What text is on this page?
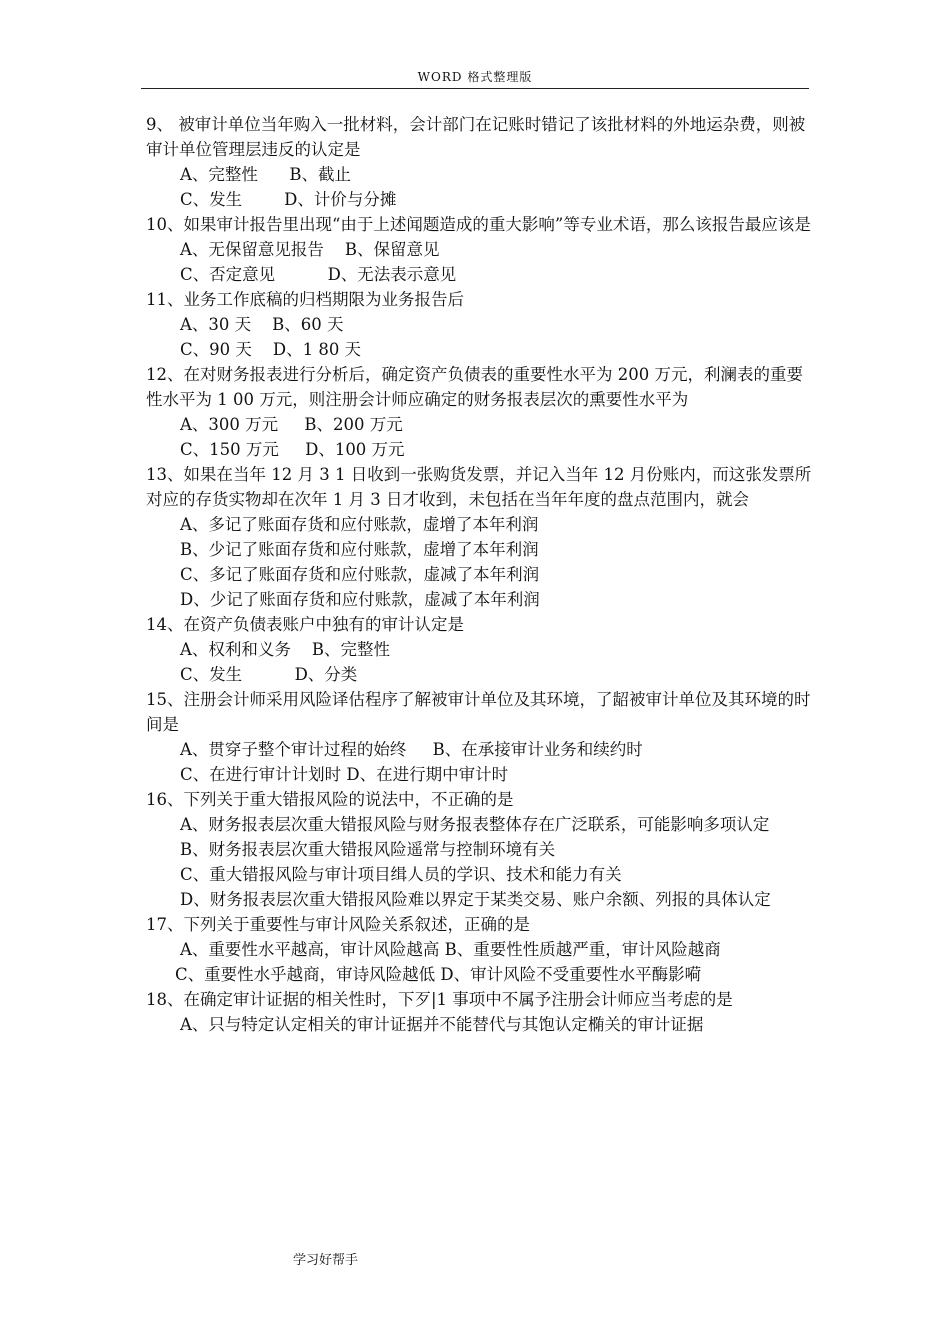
WORD 格式整理版

9、 被审计单位当年购入一批材料，会计部门在记账时错记了该批材料的外地运杂费，则被审计单位管理层违反的认定是

A、完整性      B、截止

C、发生        D、计价与分摊

10、如果审计报告里出现“由于上述闻题造成的重大影响”等专业术语，那么该报告最应该是

A、无保留意见报告    B、保留意见

C、否定意见          D、无法表示意见

11、业务工作底稿的归档期限为业务报告后

A、30 天    B、60 天

C、90 天    D、1 80 天

12、在对财务报表进行分析后，确定资产负债表的重要性水平为 200 万元，利澜表的重要性水平为 1 00 万元，则注册会计师应确定的财务报表层次的熏要性水平为

A、300 万元     B、200 万元

C、150 万元     D、100 万元

13、如果在当年 12 月 3 1 日收到一张购货发票，并记入当年 12 月份账内，而这张发票所对应的存货实物却在次年 1 月 3 日才收到，未包括在当年年度的盘点范围内，就会

A、多记了账面存货和应付账款，虚增了本年利润

B、少记了账面存货和应付账款，虚增了本年利润

C、多记了账面存货和应付账款，虚减了本年利润

D、少记了账面存货和应付账款，虚减了本年利润

14、在资产负债表账户中独有的审计认定是

A、权利和义务    B、完整性

C、发生          D、分类

15、注册会计师采用风险译估程序了解被审计单位及其环境，了龆被审计单位及其环境的时间是

A、贯穿子整个审计过程的始终     B、在承接审计业务和续约时

C、在进行审计计划时 D、在进行期中审计时

16、下列关于重大错报风险的说法中，不正确的是

A、财务报表层次重大错报风险与财务报表整体存在广泛联系，可能影响多项认定

B、财务报表层次重大错报风险遥常与控制环境有关

C、重大错报风险与审计项目缉人员的学识、技术和能力有关

D、财务报表层次重大错报风险难以界定于某类交易、账户余额、列报的具体认定

17、下列关于重要性与审计风险关系叙述，正确的是

A、重要性水平越高，审计风险越高 B、重要性性质越严重，审计风险越商

C、重要性水乎越商，审诗风险越低 D、审计风险不受重要性水平酶影嗬

18、在确定审计证据的相关性时，下歹|1 事项中不属予注册会计师应当考虑的是

A、只与特定认定相关的审计证据并不能替代与其饱认定椭关的审计证据

学习好帮手
